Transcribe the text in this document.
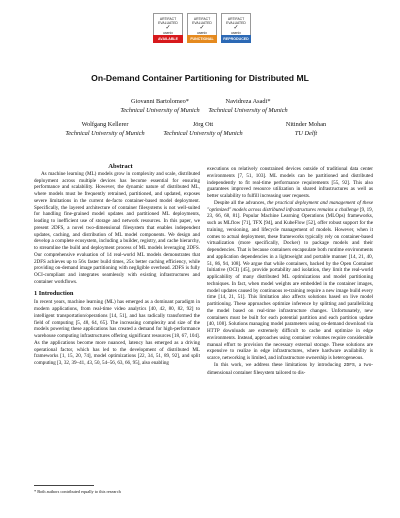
ARTIFACT
EVALUATED
✓
usenix
AVAILABLE
ARTIFACT
EVALUATED
✓
usenix
FUNCTIONAL
ARTIFACT
EVALUATED
✓
usenix
REPRODUCED
On-Demand Container Partitioning for Distributed ML
Giovanni Bartolomeo*
Technical University of Munich
Navidreza Asadi*
Technical University of Munich
Wolfgang Kellerer
Technical University of Munich
Jörg Ott
Technical University of Munich
Nitinder Mohan
TU Delft

Abstract

As machine learning (ML) models grow in complexity and scale, distributed deployment across multiple devices has become essential for ensuring performance and scalability. However, the dynamic nature of distributed ML, where models must be frequently retrained, partitioned, and updated, exposes severe limitations in the current de-facto container-based model deployment. Specifically, the layered architecture of container filesystems is not well-suited for handling fine-grained model updates and partitioned ML deployments, leading to inefficient use of storage and network resources. In this paper, we present 2DFS, a novel two-dimensional filesystem that enables independent updates, caching, and distribution of ML model components. We design and develop a complete ecosystem, including a builder, registry, and cache hierarchy, to streamline the build and deployment process of ML models leveraging 2DFS. Our comprehensive evaluation of 14 real-world ML models demonstrates that 2DFS achieves up to 56x faster build times, 25x better caching efficiency, while providing on-demand image partitioning with negligible overhead. 2DFS is fully OCI-compliant and integrates seamlessly with existing infrastructures and container workflows.

1 Introduction

In recent years, machine learning (ML) has emerged as a dominant paradigm in modern applications, from real-time video analytics [40, 42, 80, 82, 92] to intelligent transportation/operations [14, 51], and has radically transformed the field of computing [5, 48, 64, 65]. The increasing complexity and size of the models powering these applications has created a demand for high-performance warehouse computing infrastructures offering significant resources [18, 67, 104]. As the applications become more nuanced, latency has emerged as a driving operational factor, which has led to the development of distributed ML frameworks [1, 15, 20, 74], model optimizations [22, 34, 51, 89, 92], and split computing [3, 32, 39–41, 43, 50, 54–56, 63, 66, 95], also enabling

* Both authors contributed equally to this research

executions on relatively constrained devices outside of traditional data center environments [7, 51, 103]. ML models can be partitioned and distributed independently to fit real-time performance requirements [55, 92]. This also guarantees improved resource utilization in shared infrastructures as well as better scalability to fulfill increasing user requests.

Despite all the advances, the practical deployment and management of these "optimized" models across distributed infrastructures remains a challenge [9, 19, 23, 66, 68, 81]. Popular Machine Learning Operations (MLOps) frameworks, such as MLflow [71], TFX [94], and KubeFlow [52], offer robust support for the training, versioning, and lifecycle management of models. However, when it comes to actual deployment, these frameworks typically rely on container-based virtualization (more specifically, Docker) to package models and their dependencies. That is because containers encapsulate both runtime environments and application dependencies in a lightweight and portable manner [14, 21, 40, 51, 86, 94, 108]. We argue that while containers, backed by the Open Container Initiative (OCI) [45], provide portability and isolation, they limit the real-world applicability of many distributed ML optimizations and model partitioning techniques. In fact, when model weights are embedded in the container images, model updates caused by continuous re-training require a new image build every time [14, 21, 51]. This limitation also affects solutions based on live model partitioning. These approaches optimize inference by splitting and parallelizing the model based on real-time infrastructure changes. Unfortunately, new containers must be built for each potential partition and each partition update [40, 108]. Solutions managing model parameters using on-demand download via HTTP downloads are extremely difficult to cache and optimize in edge environments. Instead, approaches using container volumes require considerable manual effort to provision the necessary external storage. These solutions are expensive to realize in edge infrastructures, where hardware availability is scarce, networking is limited, and infrastructure ownership is heterogeneous.

In this work, we address these limitations by introducing 2DFS, a two-dimensional container filesystem tailored to dis-
